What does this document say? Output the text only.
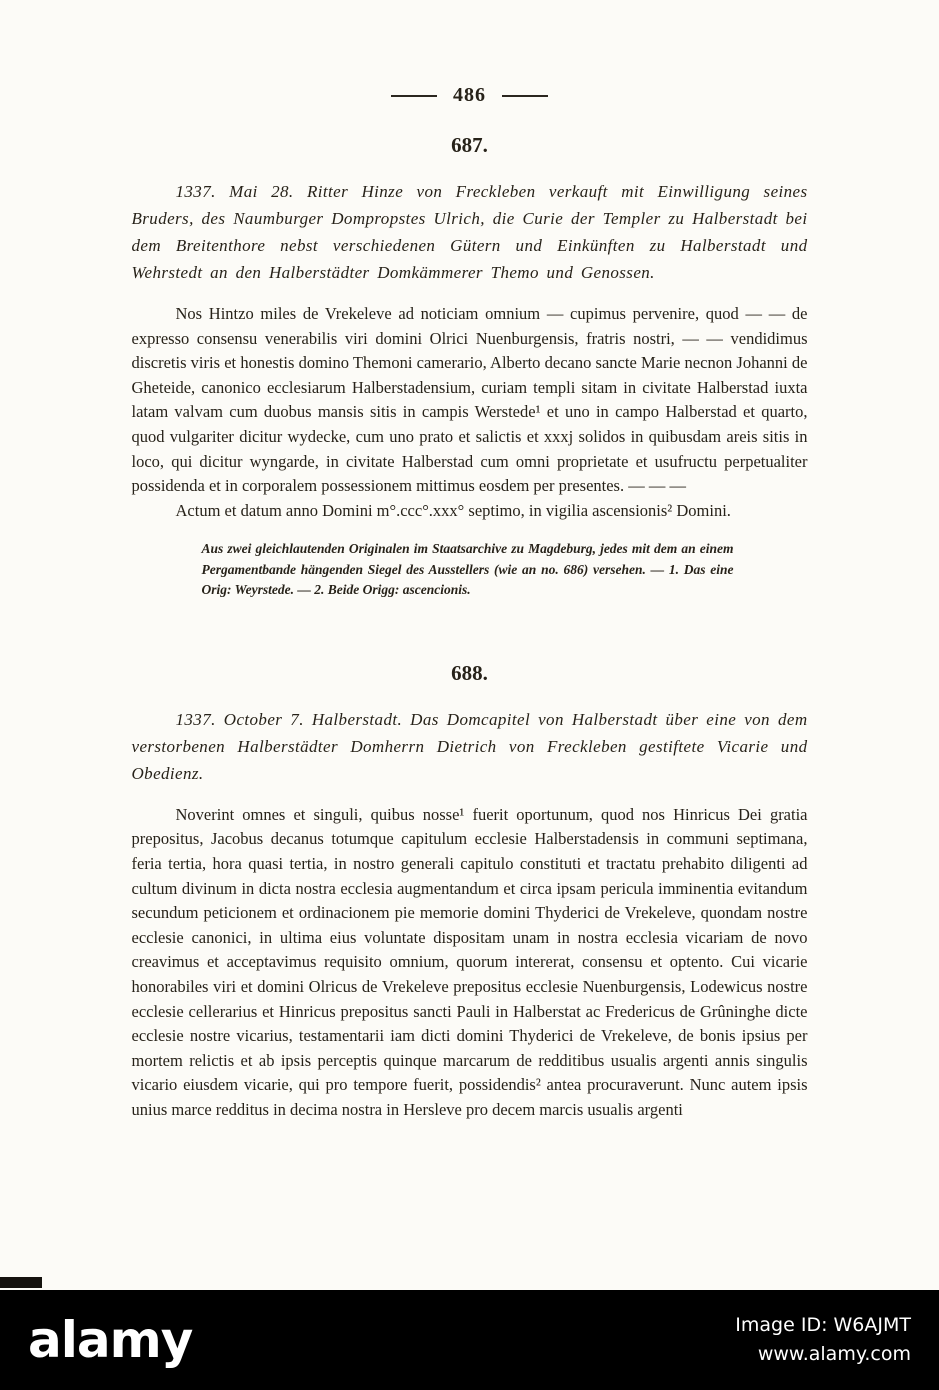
486
687.

1337. Mai 28. Ritter Hinze von Freckleben verkauft mit Einwilligung seines Bruders, des Naumburger Dompropstes Ulrich, die Curie der Templer zu Halberstadt bei dem Breitenthore nebst verschiedenen Gütern und Einkünften zu Halberstadt und Wehrstedt an den Halberstädter Domkämmerer Themo und Genossen.

Nos Hintzo miles de Vrekeleve ad noticiam omnium — cupimus pervenire, quod — — de expresso consensu venerabilis viri domini Olrici Nuenburgensis, fratris nostri, — — vendidimus discretis viris et honestis domino Themoni camerario, Alberto decano sancte Marie necnon Johanni de Gheteide, canonico ecclesiarum Halberstadensium, curiam templi sitam in civitate Halberstad iuxta latam valvam cum duobus mansis sitis in campis Werstede¹ et uno in campo Halberstad et quarto, quod vulgariter dicitur wydecke, cum uno prato et salictis et xxxj solidos in quibusdam areis sitis in loco, qui dicitur wyngarde, in civitate Halberstad cum omni proprietate et usufructu perpetualiter possidenda et in corporalem possessionem mittimus eosdem per presentes. — — —

Actum et datum anno Domini m°.ccc°.xxx° septimo, in vigilia ascensionis² Domini.

Aus zwei gleichlautenden Originalen im Staatsarchive zu Magdeburg, jedes mit dem an einem Pergamentbande hängenden Siegel des Ausstellers (wie an no. 686) versehen. — 1. Das eine Orig: Weyrstede. — 2. Beide Origg: ascencionis.

688.

1337. October 7. Halberstadt. Das Domcapitel von Halberstadt über eine von dem verstorbenen Halberstädter Domherrn Dietrich von Freckleben gestiftete Vicarie und Obedienz.

Noverint omnes et singuli, quibus nosse¹ fuerit oportunum, quod nos Hinricus Dei gratia prepositus, Jacobus decanus totumque capitulum ecclesie Halberstadensis in communi septimana, feria tertia, hora quasi tertia, in nostro generali capitulo constituti et tractatu prehabito diligenti ad cultum divinum in dicta nostra ecclesia augmentandum et circa ipsam pericula imminentia evitandum secundum peticionem et ordinacionem pie memorie domini Thyderici de Vrekeleve, quondam nostre ecclesie canonici, in ultima eius voluntate dispositam unam in nostra ecclesia vicariam de novo creavimus et acceptavimus requisito omnium, quorum intererat, consensu et optento. Cui vicarie honorabiles viri et domini Olricus de Vrekeleve prepositus ecclesie Nuenburgensis, Lodewicus nostre ecclesie cellerarius et Hinricus prepositus sancti Pauli in Halberstat ac Fredericus de Grûninghe dicte ecclesie nostre vicarius, testamentarii iam dicti domini Thyderici de Vrekeleve, de bonis ipsius per mortem relictis et ab ipsis perceptis quinque marcarum de redditibus usualis argenti annis singulis vicario eiusdem vicarie, qui pro tempore fuerit, possidendis² antea procuraverunt. Nunc autem ipsis unius marce redditus in decima nostra in Hersleve pro decem marcis usualis argenti

alamy	Image ID: W6AJMT
www.alamy.com
